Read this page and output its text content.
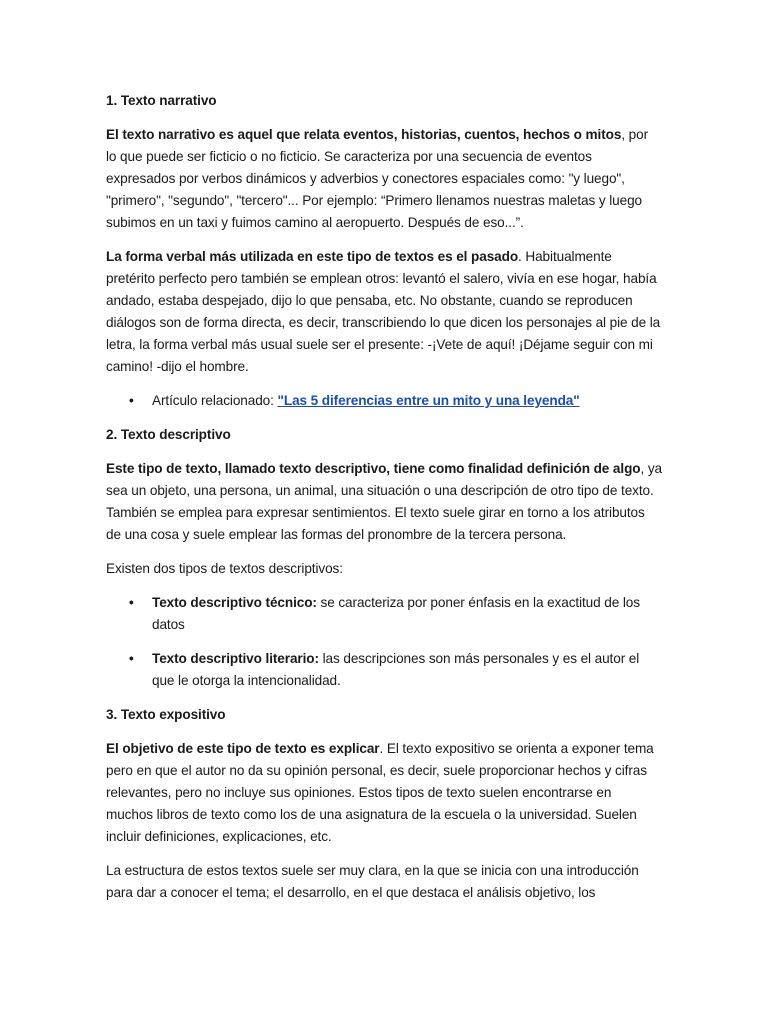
1. Texto narrativo

El texto narrativo es aquel que relata eventos, historias, cuentos, hechos o mitos, por lo que puede ser ficticio o no ficticio. Se caracteriza por una secuencia de eventos expresados por verbos dinámicos y adverbios y conectores espaciales como: "y luego", "primero", "segundo", "tercero"... Por ejemplo: “Primero llenamos nuestras maletas y luego subimos en un taxi y fuimos camino al aeropuerto. Después de eso...”.

La forma verbal más utilizada en este tipo de textos es el pasado. Habitualmente pretérito perfecto pero también se emplean otros: levantó el salero, vivía en ese hogar, había andado, estaba despejado, dijo lo que pensaba, etc. No obstante, cuando se reproducen diálogos son de forma directa, es decir, transcribiendo lo que dicen los personajes al pie de la letra, la forma verbal más usual suele ser el presente: -¡Vete de aquí! ¡Déjame seguir con mi camino! -dijo el hombre.

• Artículo relacionado: "Las 5 diferencias entre un mito y una leyenda"
2. Texto descriptivo

Este tipo de texto, llamado texto descriptivo, tiene como finalidad definición de algo, ya sea un objeto, una persona, un animal, una situación o una descripción de otro tipo de texto. También se emplea para expresar sentimientos. El texto suele girar en torno a los atributos de una cosa y suele emplear las formas del pronombre de la tercera persona.

Existen dos tipos de textos descriptivos:

• Texto descriptivo técnico: se caracteriza por poner énfasis en la exactitud de los datos
• Texto descriptivo literario: las descripciones son más personales y es el autor el que le otorga la intencionalidad.
3. Texto expositivo

El objetivo de este tipo de texto es explicar. El texto expositivo se orienta a exponer tema pero en que el autor no da su opinión personal, es decir, suele proporcionar hechos y cifras relevantes, pero no incluye sus opiniones. Estos tipos de texto suelen encontrarse en muchos libros de texto como los de una asignatura de la escuela o la universidad. Suelen incluir definiciones, explicaciones, etc.

La estructura de estos textos suele ser muy clara, en la que se inicia con una introducción para dar a conocer el tema; el desarrollo, en el que destaca el análisis objetivo, los
